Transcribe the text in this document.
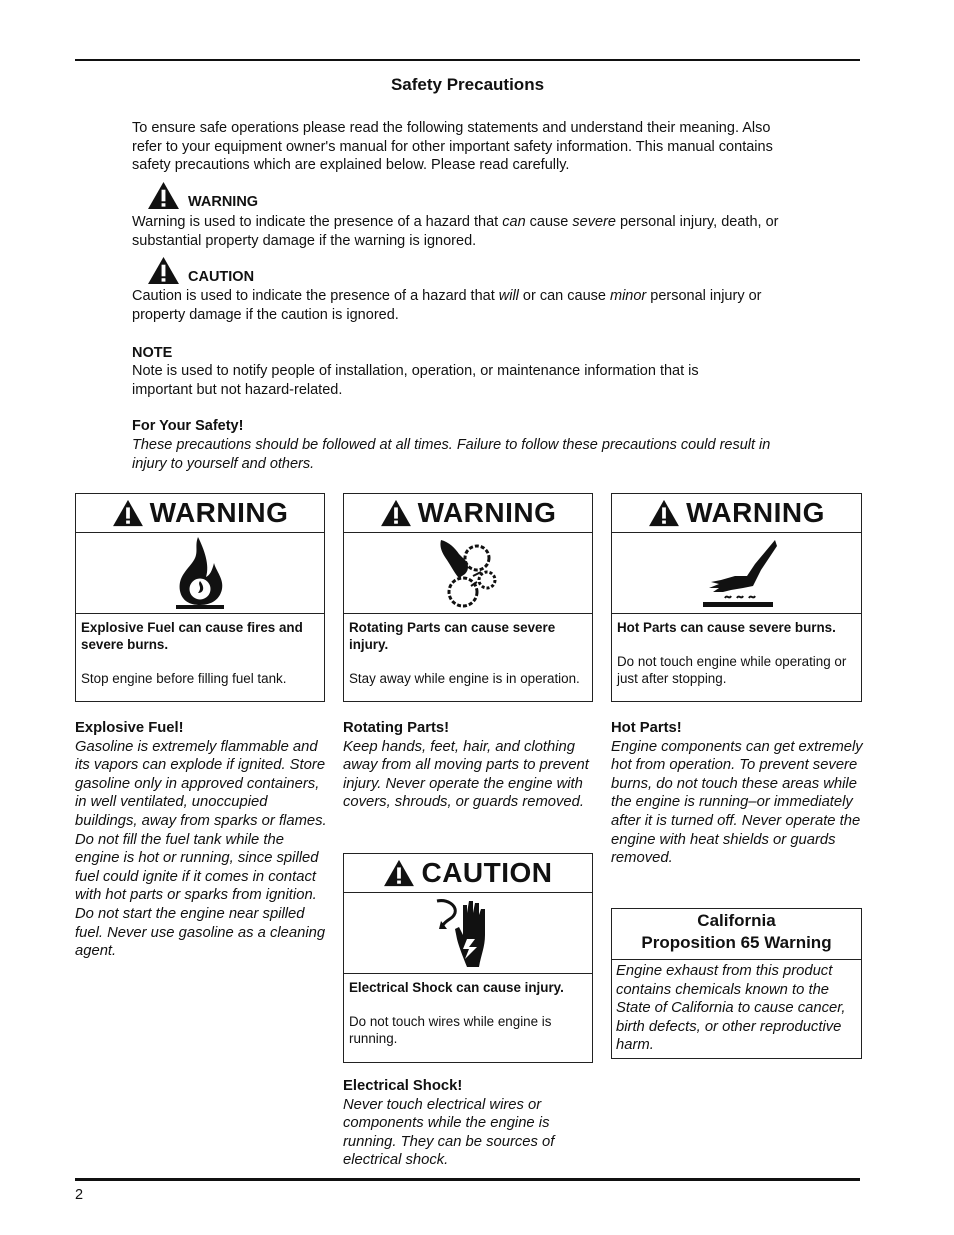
Safety Precautions
To ensure safe operations please read the following statements and understand their meaning. Also refer to your equipment owner's manual for other important safety information. This manual contains safety precautions which are explained below. Please read carefully.
WARNING
Warning is used to indicate the presence of a hazard that can cause severe personal injury, death, or substantial property damage if the warning is ignored.
CAUTION
Caution is used to indicate the presence of a hazard that will or can cause minor personal injury or property damage if the caution is ignored.
NOTE
Note is used to notify people of installation, operation, or maintenance information that is important but not hazard-related.
For Your Safety!
These precautions should be followed at all times. Failure to follow these precautions could result in injury to yourself and others.
WARNING

Explosive Fuel can cause fires and severe burns.

Stop engine before filling fuel tank.

WARNING

Rotating Parts can cause severe injury.

Stay away while engine is in operation.

WARNING

Hot Parts can cause severe burns.

Do not touch engine while operating or just after stopping.

CAUTION

Electrical Shock can cause injury.

Do not touch wires while engine is running.

Explosive Fuel!
Gasoline is extremely flammable and its vapors can explode if ignited. Store gasoline only in approved containers, in well ventilated, unoccupied buildings, away from sparks or flames. Do not fill the fuel tank while the engine is hot or running, since spilled fuel could ignite if it comes in contact with hot parts or sparks from ignition. Do not start the engine near spilled fuel. Never use gasoline as a cleaning agent.
Rotating Parts!
Keep hands, feet, hair, and clothing away from all moving parts to prevent injury. Never operate the engine with covers, shrouds, or guards removed.
Hot Parts!
Engine components can get extremely hot from operation. To prevent severe burns, do not touch these areas while the engine is running–or immediately after it is turned off. Never operate the engine with heat shields or guards removed.
Electrical Shock!
Never touch electrical wires or components while the engine is running. They can be sources of electrical shock.
California
Proposition 65 Warning
Engine exhaust from this product contains chemicals known to the State of California to cause cancer, birth defects, or other reproductive harm.
2
